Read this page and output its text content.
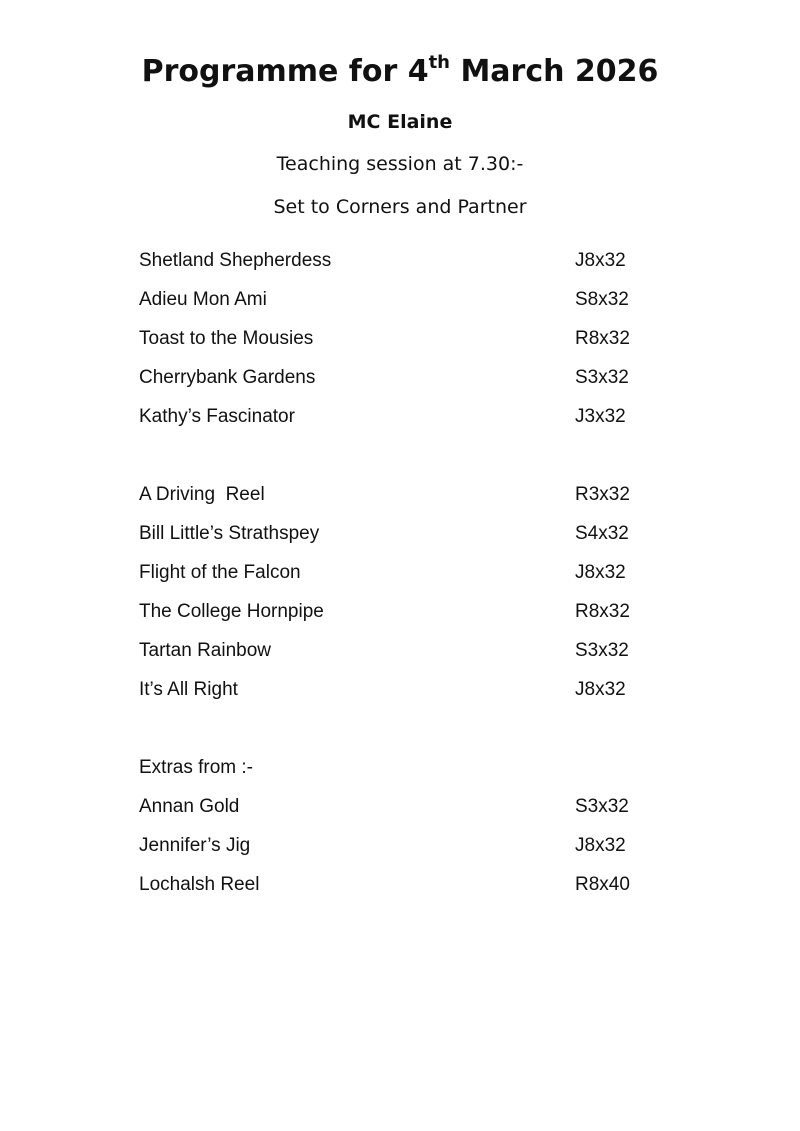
Programme for 4th March 2026
MC Elaine
Teaching session at 7.30:-
Set to Corners and Partner
Shetland Shepherdess	J8x32
Adieu Mon Ami	S8x32
Toast to the Mousies	R8x32
Cherrybank Gardens	S3x32
Kathy’s Fascinator	J3x32
A Driving  Reel	R3x32
Bill Little’s Strathspey	S4x32
Flight of the Falcon	J8x32
The College Hornpipe	R8x32
Tartan Rainbow	S3x32
It’s All Right	J8x32
Extras from :-
Annan Gold	S3x32
Jennifer’s Jig	J8x32
Lochalsh Reel	R8x40
